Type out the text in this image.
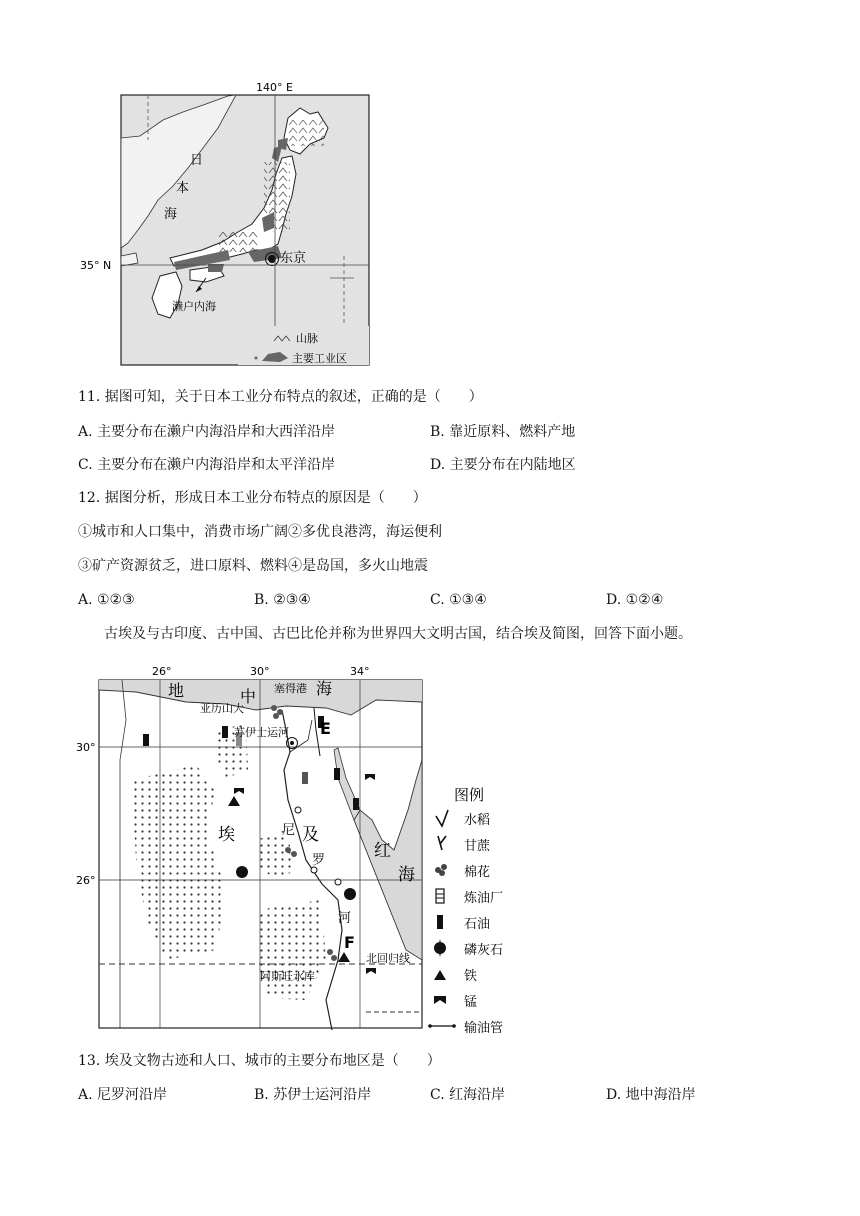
140° E
35° N
日
本
海
东京
濑户内海
山脉
主要工业区
11. 据图可知，关于日本工业分布特点的叙述，正确的是（　　）
A. 主要分布在濑户内海沿岸和大西洋沿岸	B. 靠近原料、燃料产地
C. 主要分布在濑户内海沿岸和太平洋沿岸	D. 主要分布在内陆地区
12. 据图分析，形成日本工业分布特点的原因是（　　）
①城市和人口集中，消费市场广阔②多优良港湾，海运便利
③矿产资源贫乏，进口原料、燃料④是岛国，多火山地震
A. ①②③	B. ②③④	C. ①③④	D. ①②④
古埃及与古印度、古中国、古巴比伦并称为世界四大文明古国，结合埃及简图，回答下面小题。
地	中	海
亚历山大
塞得港
苏伊士运河 E
埃	及
尼
罗
河
红
海
F
北回归线
阿斯旺水库
26°	30°	34°
30°
26°
图例
水稻
甘蔗
棉花
炼油厂
石油
磷灰石
铁
锰
输油管
13. 埃及文物古迹和人口、城市的主要分布地区是（　　）
A. 尼罗河沿岸	B. 苏伊士运河沿岸	C. 红海沿岸	D. 地中海沿岸
